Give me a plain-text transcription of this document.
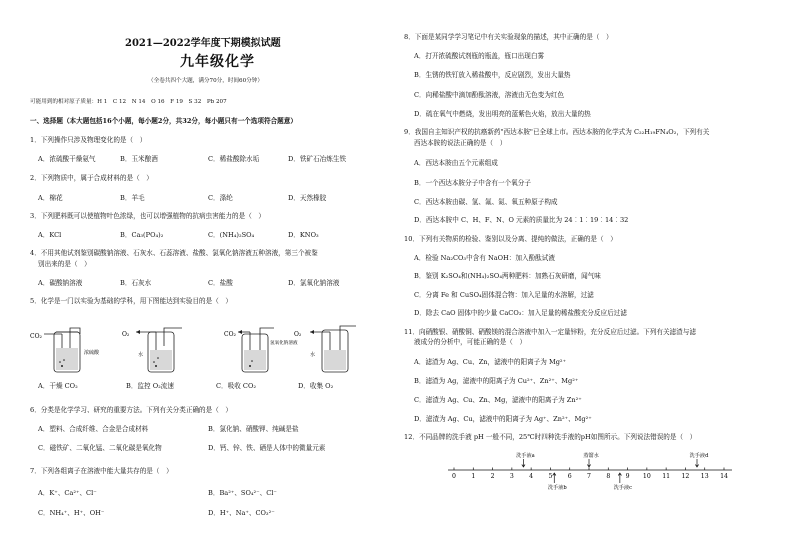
2021—2022学年度下期模拟试题
九年级化学
（全卷共四个大题，满分70分，时间60分钟）
可能用到的相对原子质量：H 1　C 12　N 14　O 16　F 19　S 32　Pb 207
一、选择题（本大题包括16个小题，每小题2分，共32分，每小题只有一个选项符合题意）
1．下列操作只涉及物理变化的是（　）
A．浓硫酸干燥氨气	B．玉米酿酒	C．稀盐酸除水垢	D．铁矿石冶炼生铁
2．下列物质中，属于合成材料的是（　）
A．棉花	B．羊毛	C．涤纶	D．天然橡胶
3．下列肥料既可以使植物叶色浓绿，也可以增强植物的抗病虫害能力的是（　）
A．KCl	B．Ca₃(PO₄)₂	C．(NH₄)₂SO₄	D．KNO₃
4．不用其他试剂鉴别碳酸钠溶液、石灰水、石蕊溶液、盐酸、氯氧化钠溶液五种溶液，第三个被鉴
别出来的是（　）
A．碳酸钠溶液	B．石灰水	C．盐酸	D．氯氧化钠溶液
5．化学是一门以实验为基础的学科，用下图能达到实验目的是（　）
CO₂
浓硫酸
O₂
水
CO₂
氢氧化钠溶液
O₂
水
A．干燥 CO₂	B．监控 O₂流速	C．吸收 CO₂	D．收集 O₂
6．分类是化学学习、研究的重要方法。下列有关分类正确的是（　）
A．塑料、合成纤维、合金是合成材料	B．氯化钠、硝酸钾、纯碱是盐
C．磁铁矿、二氧化锰、二氧化碳是氧化物	D．钙、锌、铁、硒是人体中的微量元素
7．下列各组离子在溶液中能大量共存的是（　）
A．K⁺、Ca²⁺、Cl⁻	B．Ba²⁺、SO₄²⁻、Cl⁻
C．NH₄⁺、H⁺、OH⁻	D．H⁺、Na⁺、CO₃²⁻
8．下面是某同学学习笔记中有关实验现象的描述，其中正确的是（　）
A．打开浓硫酸试剂瓶的瓶盖，瓶口出现白雾
B．生锈的铁钉放入稀盐酸中，反应剧烈，发出大量热
C．向稀盐酸中滴加酚酞溶液，溶液由无色变为红色
D．硫在氧气中燃烧，发出明亮的蓝紫色火焰，放出大量的热
9．我国自主知识产权的抗癌新药"西达本胺"已全球上市。西达本胺的化学式为 C₂₂H₁₉FN₄O₂，下列有关
西达本胺的说法正确的是（　）
A．西达本胺由五个元素组成
B．一个西达本胺分子中含有一个氧分子
C．西达本胺由碳、氢、氟、氮、氧五种原子构成
D．西达本胺中 C、H、F、N、O 元素的质量比为 24︰1︰19︰14︰32
10．下列有关物质的检验、鉴别以及分离、提纯的做法，正确的是（　）
A．检验 Na₂CO₃中含有 NaOH：加入酚酞试液
B．鉴别 K₂SO₄和(NH₄)₂SO₄两种肥料：加熟石灰研磨，闻气味
C．分离 Fe 和 CuSO₄固体混合物：加入足量的水溶解，过滤
D．除去 CaO 固体中的少量 CaCO₃：加入足量的稀盐酸充分反应后过滤
11．向硝酸银、硝酸铜、硝酸镁的混合溶液中加入一定量锌粉，充分反应后过滤。下列有关滤渣与滤
液成分的分析中，可能正确的是（　）
A．滤渣为 Ag、Cu、Zn，滤液中的阳离子为 Mg²⁺
B．滤渣为 Ag，滤液中的阳离子为 Cu²⁺、Zn²⁺、Mg²⁺
C．滤渣为 Ag、Cu、Zn、Mg，滤液中的阳离子为 Zn²⁺
D．滤渣为 Ag、Cu，滤液中的阳离子为 Ag⁺、Zn²⁺、Mg²⁺
12．不同品牌的洗手液 pH 一般不同，25℃时四种洗手液的pH如图所示。下列说法错误的是（　）
0 1 2 3 4 5 6 7 8 9 10 11 12 13 14
洗手液a	蒸馏水	洗手液d
洗手液b	洗手液c
